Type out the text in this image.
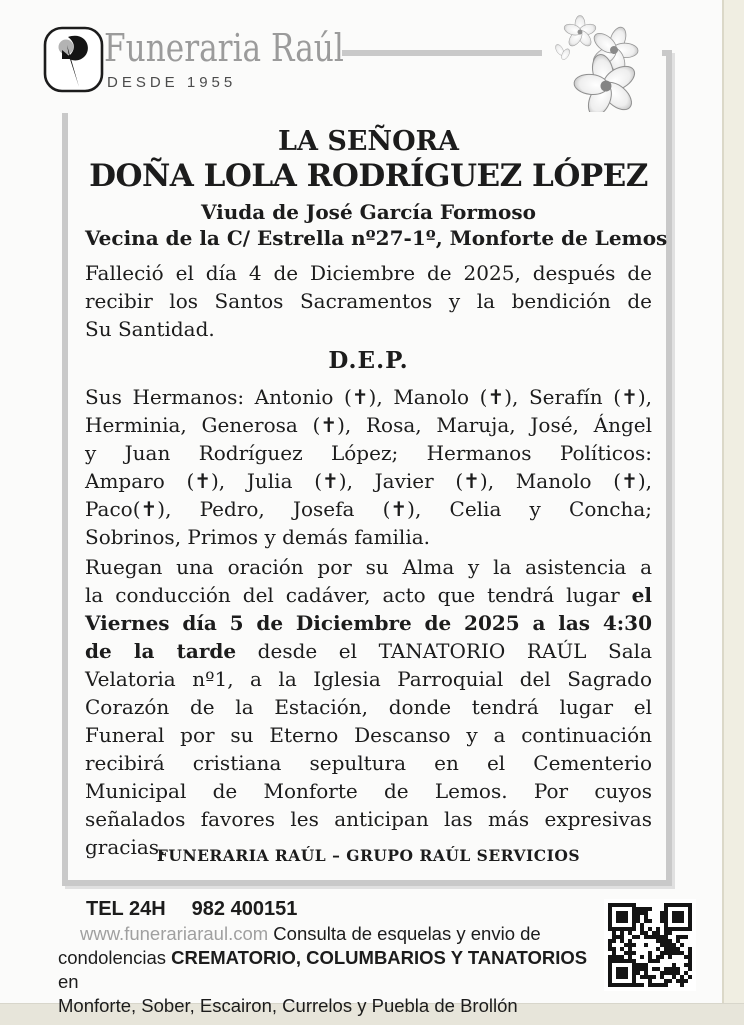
Funeraria Raúl
DESDE 1955
LA SEÑORA
DOÑA LOLA RODRÍGUEZ LÓPEZ
Viuda de José García Formoso
Vecina de la C/ Estrella nº27-1º, Monforte de Lemos
Falleció el día 4 de Diciembre de 2025, después de
recibir los Santos Sacramentos y la bendición de
Su Santidad.
D.E.P.
Sus Hermanos: Antonio (✝), Manolo (✝), Serafín (✝),
Herminia, Generosa (✝), Rosa, Maruja, José, Ángel
y Juan Rodríguez López; Hermanos Políticos:
Amparo (✝), Julia (✝), Javier (✝), Manolo (✝),
Paco(✝), Pedro, Josefa (✝), Celia y Concha;
Sobrinos, Primos y demás familia.
Ruegan una oración por su Alma y la asistencia a
la conducción del cadáver, acto que tendrá lugar el
Viernes día 5 de Diciembre de 2025 a las 4:30
de la tarde desde el TANATORIO RAÚL Sala
Velatoria nº1, a la Iglesia Parroquial del Sagrado
Corazón de la Estación, donde tendrá lugar el
Funeral por su Eterno Descanso y a continuación
recibirá cristiana sepultura en el Cementerio
Municipal de Monforte de Lemos. Por cuyos
señalados favores les anticipan las más expresivas
gracias.
FUNERARIA RAÚL – GRUPO RAÚL SERVICIOS
TEL 24H 982 400151
www.funerariaraul.com Consulta de esquelas y envio de
condolencias CREMATORIO, COLUMBARIOS Y TANATORIOS en
Monforte, Sober, Escairon, Currelos y Puebla de Brollón
